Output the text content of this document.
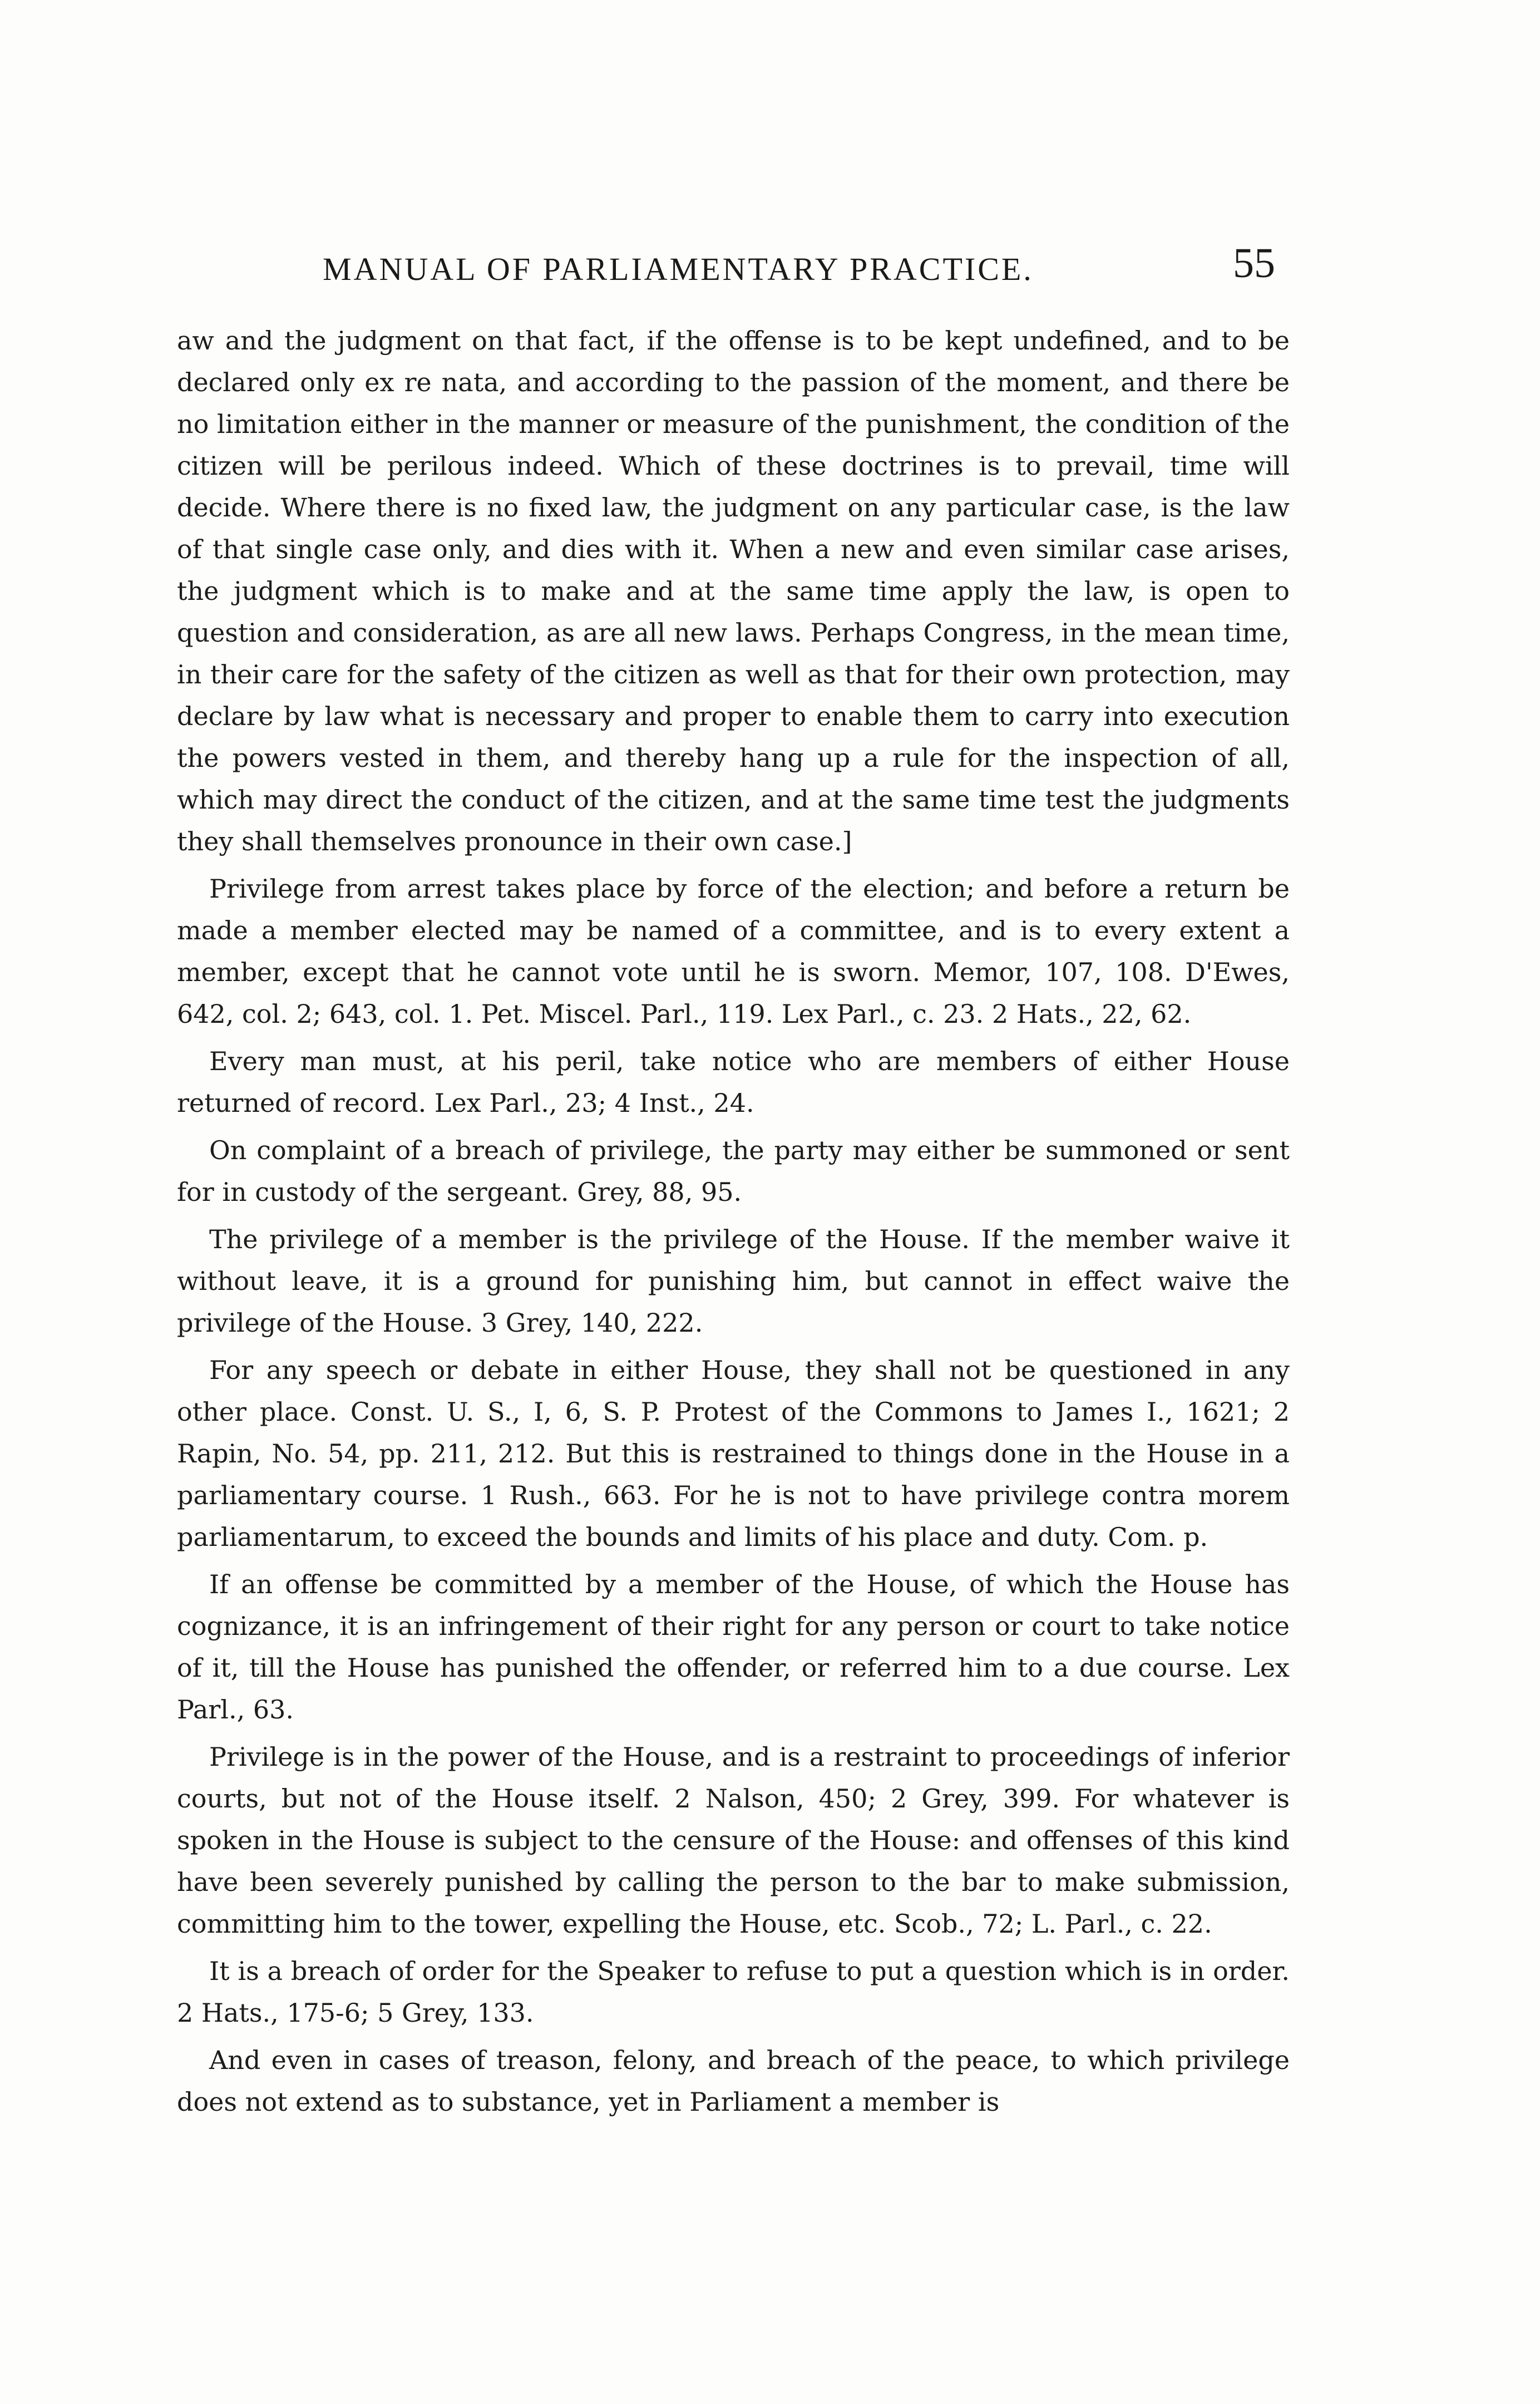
MANUAL OF PARLIAMENTARY PRACTICE.	55

aw and the judgment on that fact, if the offense is to be kept undefined, and to be declared only ex re nata, and according to the passion of the moment, and there be no limitation either in the manner or measure of the punishment, the condition of the citizen will be perilous indeed. Which of these doctrines is to prevail, time will decide. Where there is no fixed law, the judgment on any particular case, is the law of that single case only, and dies with it. When a new and even similar case arises, the judgment which is to make and at the same time apply the law, is open to question and consideration, as are all new laws. Perhaps Congress, in the mean time, in their care for the safety of the citizen as well as that for their own protection, may declare by law what is necessary and proper to enable them to carry into execution the powers vested in them, and thereby hang up a rule for the inspection of all, which may direct the conduct of the citizen, and at the same time test the judgments they shall themselves pronounce in their own case.]

Privilege from arrest takes place by force of the election; and before a return be made a member elected may be named of a committee, and is to every extent a member, except that he cannot vote until he is sworn. Memor, 107, 108. D'Ewes, 642, col. 2; 643, col. 1. Pet. Miscel. Parl., 119. Lex Parl., c. 23. 2 Hats., 22, 62.

Every man must, at his peril, take notice who are members of either House returned of record. Lex Parl., 23; 4 Inst., 24.

On complaint of a breach of privilege, the party may either be summoned or sent for in custody of the sergeant. Grey, 88, 95.

The privilege of a member is the privilege of the House. If the member waive it without leave, it is a ground for punishing him, but cannot in effect waive the privilege of the House. 3 Grey, 140, 222.

For any speech or debate in either House, they shall not be questioned in any other place. Const. U. S., I, 6, S. P. Protest of the Commons to James I., 1621; 2 Rapin, No. 54, pp. 211, 212. But this is restrained to things done in the House in a parliamentary course. 1 Rush., 663. For he is not to have privilege contra morem parliamentarum, to exceed the bounds and limits of his place and duty. Com. p.

If an offense be committed by a member of the House, of which the House has cognizance, it is an infringement of their right for any person or court to take notice of it, till the House has punished the offender, or referred him to a due course. Lex Parl., 63.

Privilege is in the power of the House, and is a restraint to proceedings of inferior courts, but not of the House itself. 2 Nalson, 450; 2 Grey, 399. For whatever is spoken in the House is subject to the censure of the House: and offenses of this kind have been severely punished by calling the person to the bar to make submission, committing him to the tower, expelling the House, etc. Scob., 72; L. Parl., c. 22.

It is a breach of order for the Speaker to refuse to put a question which is in order. 2 Hats., 175-6; 5 Grey, 133.

And even in cases of treason, felony, and breach of the peace, to which privilege does not extend as to substance, yet in Parliament a member is
